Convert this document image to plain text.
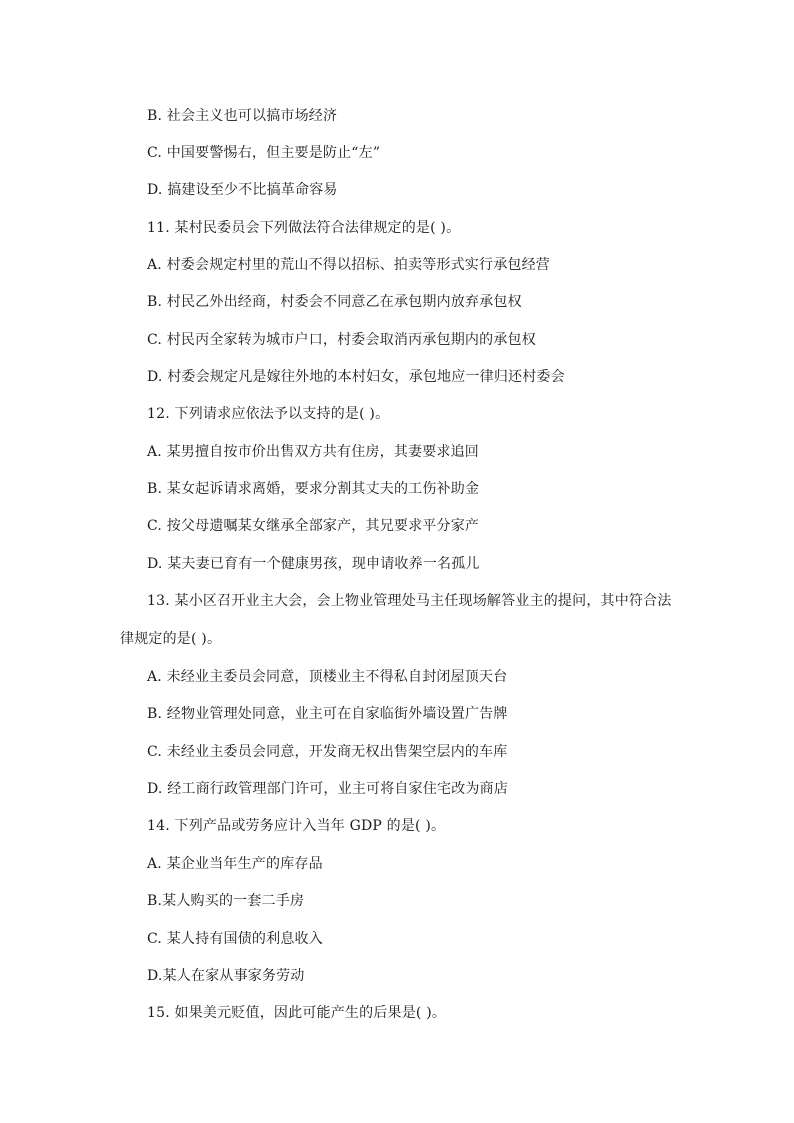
B. 社会主义也可以搞市场经济
C. 中国要警惕右，但主要是防止“左”
D. 搞建设至少不比搞革命容易
11. 某村民委员会下列做法符合法律规定的是( )。
A. 村委会规定村里的荒山不得以招标、拍卖等形式实行承包经营
B. 村民乙外出经商，村委会不同意乙在承包期内放弃承包权
C. 村民丙全家转为城市户口，村委会取消丙承包期内的承包权
D. 村委会规定凡是嫁往外地的本村妇女，承包地应一律归还村委会
12. 下列请求应依法予以支持的是( )。
A. 某男擅自按市价出售双方共有住房，其妻要求追回
B. 某女起诉请求离婚，要求分割其丈夫的工伤补助金
C. 按父母遗嘱某女继承全部家产，其兄要求平分家产
D. 某夫妻已育有一个健康男孩，现申请收养一名孤儿
13. 某小区召开业主大会，会上物业管理处马主任现场解答业主的提问，其中符合法
律规定的是( )。
A. 未经业主委员会同意，顶楼业主不得私自封闭屋顶天台
B. 经物业管理处同意，业主可在自家临街外墙设置广告牌
C. 未经业主委员会同意，开发商无权出售架空层内的车库
D. 经工商行政管理部门许可，业主可将自家住宅改为商店
14. 下列产品或劳务应计入当年 GDP 的是( )。
A. 某企业当年生产的库存品
B.某人购买的一套二手房
C. 某人持有国债的利息收入
D.某人在家从事家务劳动
15. 如果美元贬值，因此可能产生的后果是( )。
